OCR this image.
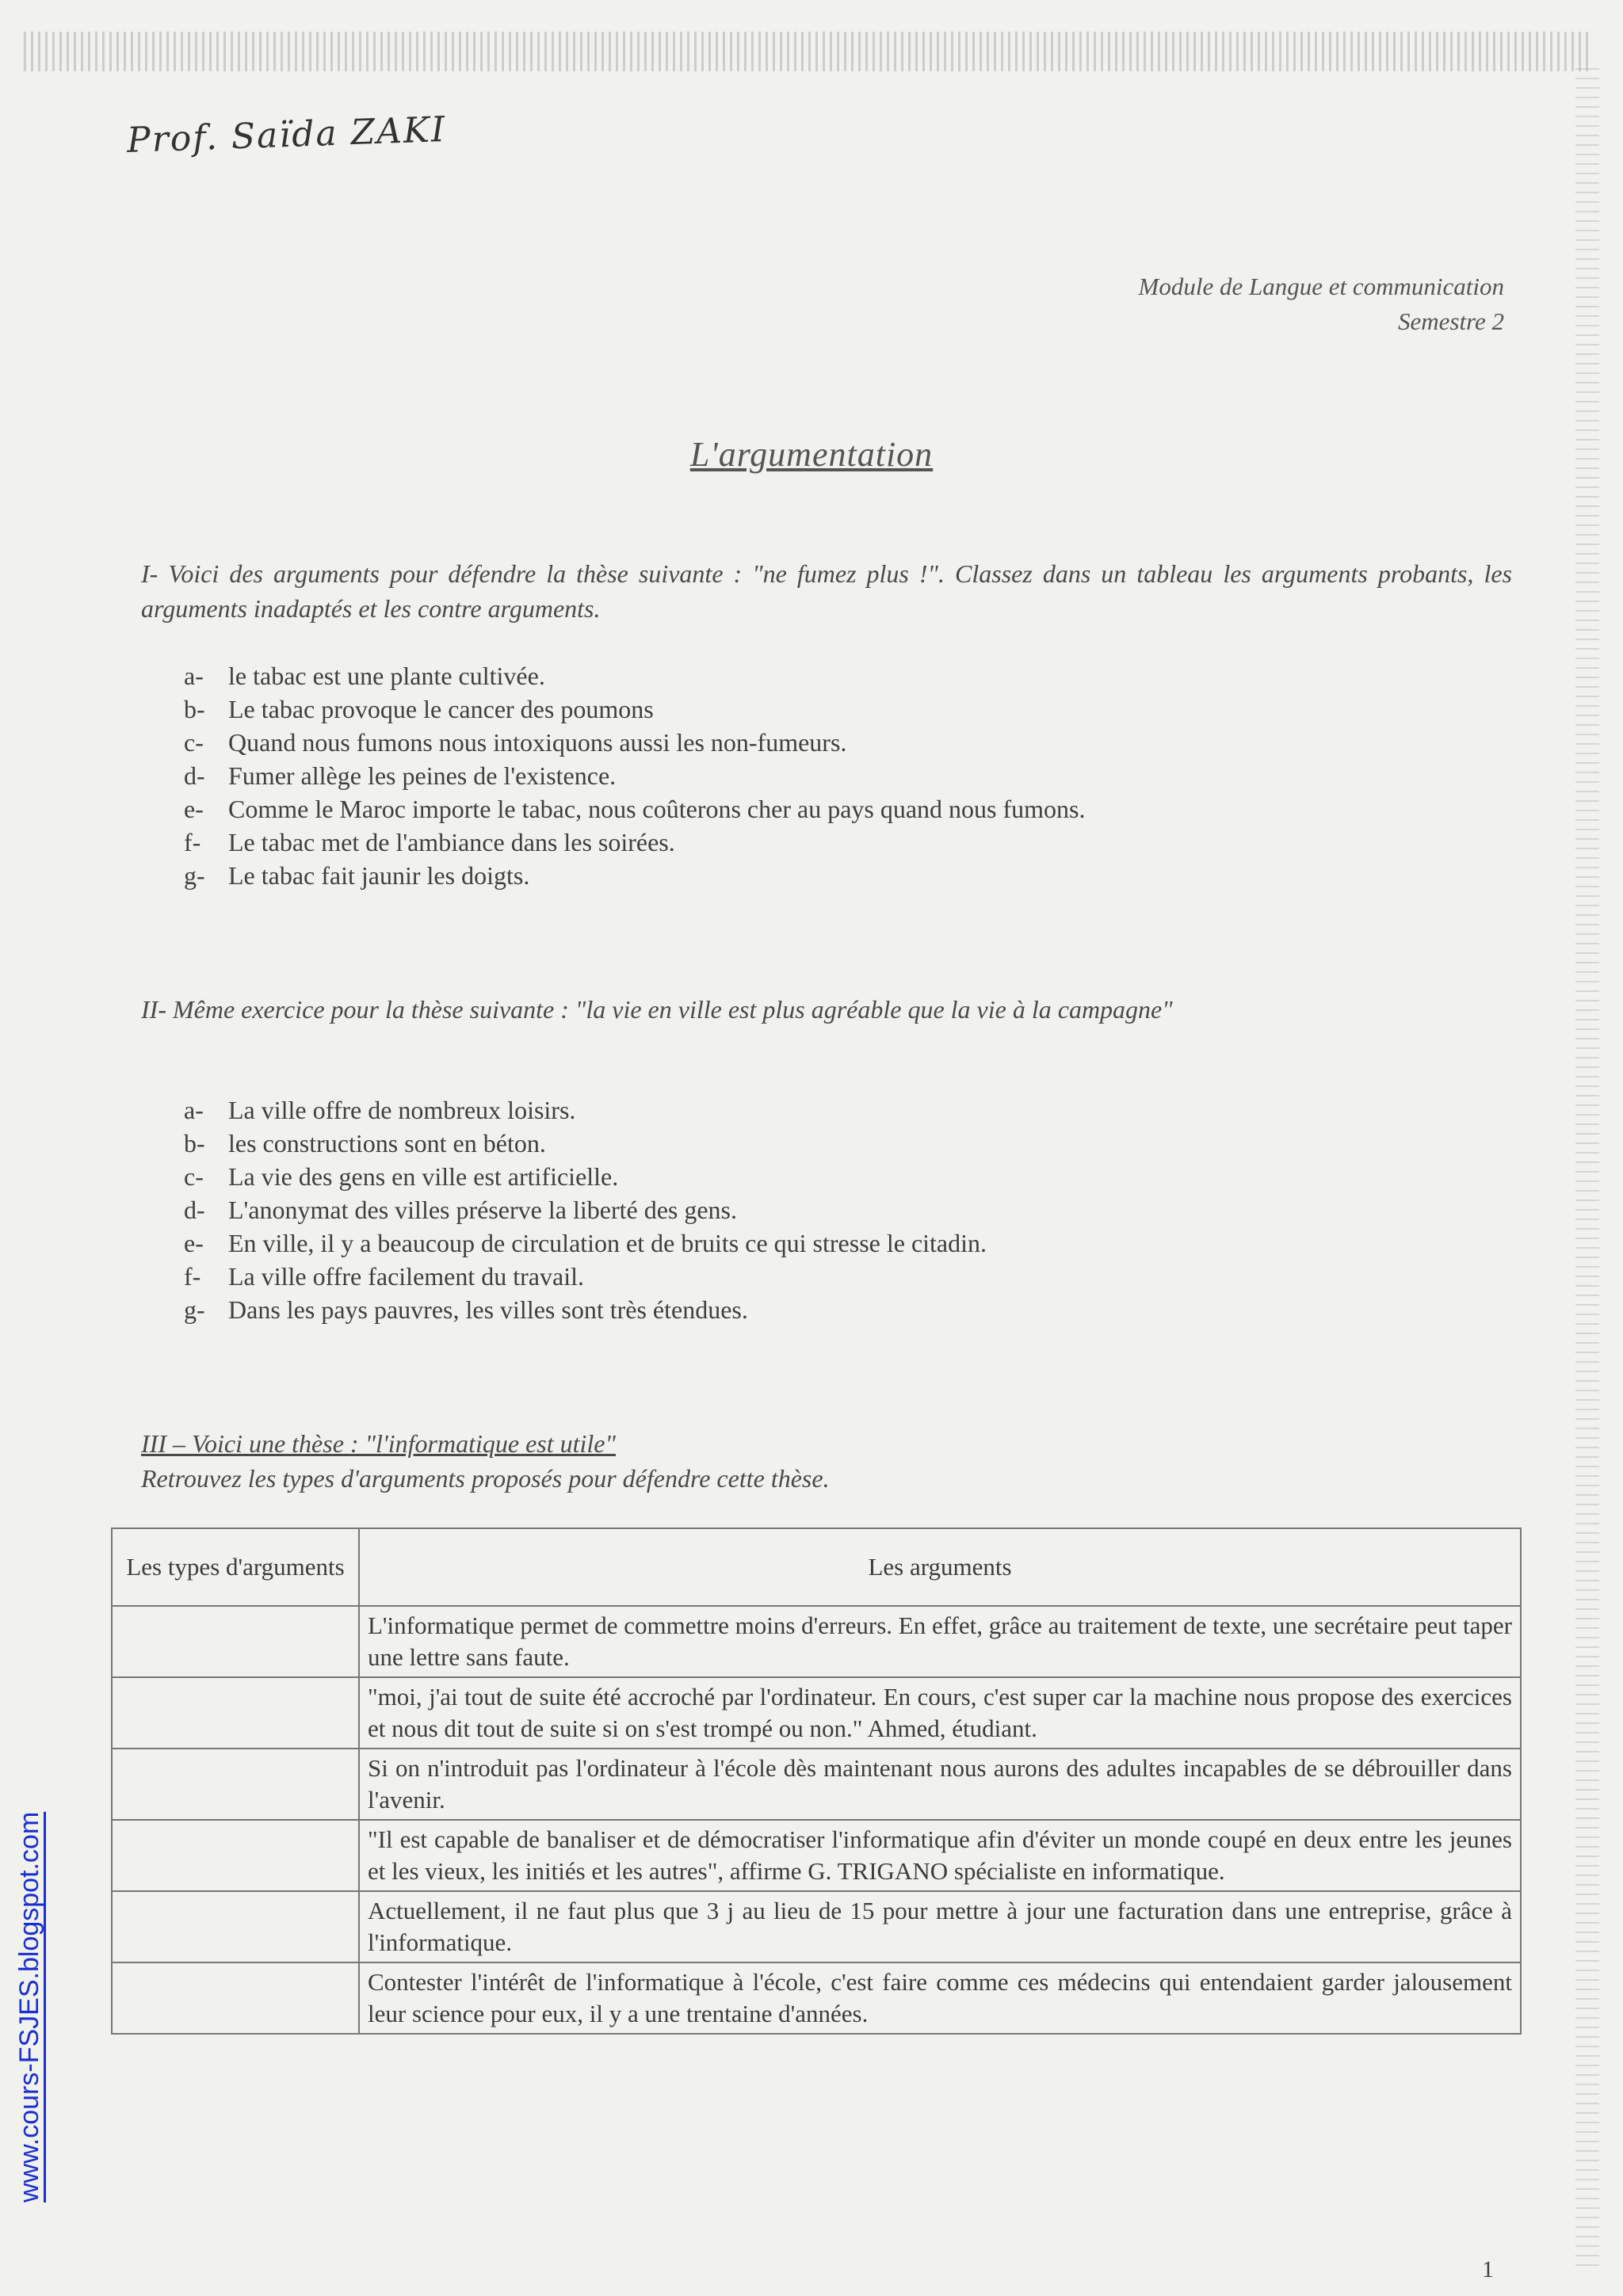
Prof. Saïda ZAKI
Module de Langue et communication
Semestre 2
L'argumentation
I- Voici des arguments pour défendre la thèse suivante : "ne fumez plus !". Classez dans un tableau les arguments probants, les arguments inadaptés et les contre arguments.
a- le tabac est une plante cultivée.
b- Le tabac provoque le cancer des poumons
c- Quand nous fumons nous intoxiquons aussi les non-fumeurs.
d- Fumer allège les peines de l'existence.
e- Comme le Maroc importe le tabac, nous coûterons cher au pays quand nous fumons.
f-	Le tabac met de l'ambiance dans les soirées.
g- Le tabac fait jaunir les doigts.
II- Même exercice pour la thèse suivante : "la vie en ville est plus agréable que la vie à la campagne"
a- La ville offre de nombreux loisirs.
b- les constructions sont en béton.
c- La vie des gens en ville est artificielle.
d- L'anonymat des villes préserve la liberté des gens.
e- En ville, il y a beaucoup de circulation et de bruits ce qui stresse le citadin.
f-	La ville offre facilement du travail.
g- Dans les pays pauvres, les villes sont très étendues.
III – Voici une thèse : "l'informatique est utile"
Retrouvez les types d'arguments proposés pour défendre cette thèse.
Les types d'arguments	Les arguments
	L'informatique permet de commettre moins d'erreurs. En effet, grâce au traitement de texte, une secrétaire peut taper une lettre sans faute.
	"moi, j'ai tout de suite été accroché par l'ordinateur. En cours, c'est super car la machine nous propose des exercices et nous dit tout de suite si on s'est trompé ou non." Ahmed, étudiant.
	Si on n'introduit pas l'ordinateur à l'école dès maintenant nous aurons des adultes incapables de se débrouiller dans l'avenir.
	"Il est capable de banaliser et de démocratiser l'informatique afin d'éviter un monde coupé en deux entre les jeunes et les vieux, les initiés et les autres", affirme G. TRIGANO spécialiste en informatique.
	Actuellement, il ne faut plus que 3 j au lieu de 15 pour mettre à jour une facturation dans une entreprise, grâce à l'informatique.
	Contester l'intérêt de l'informatique à l'école, c'est faire comme ces médecins qui entendaient garder jalousement leur science pour eux, il y a une trentaine d'années.
www.cours-FSJES.blogspot.com
1
